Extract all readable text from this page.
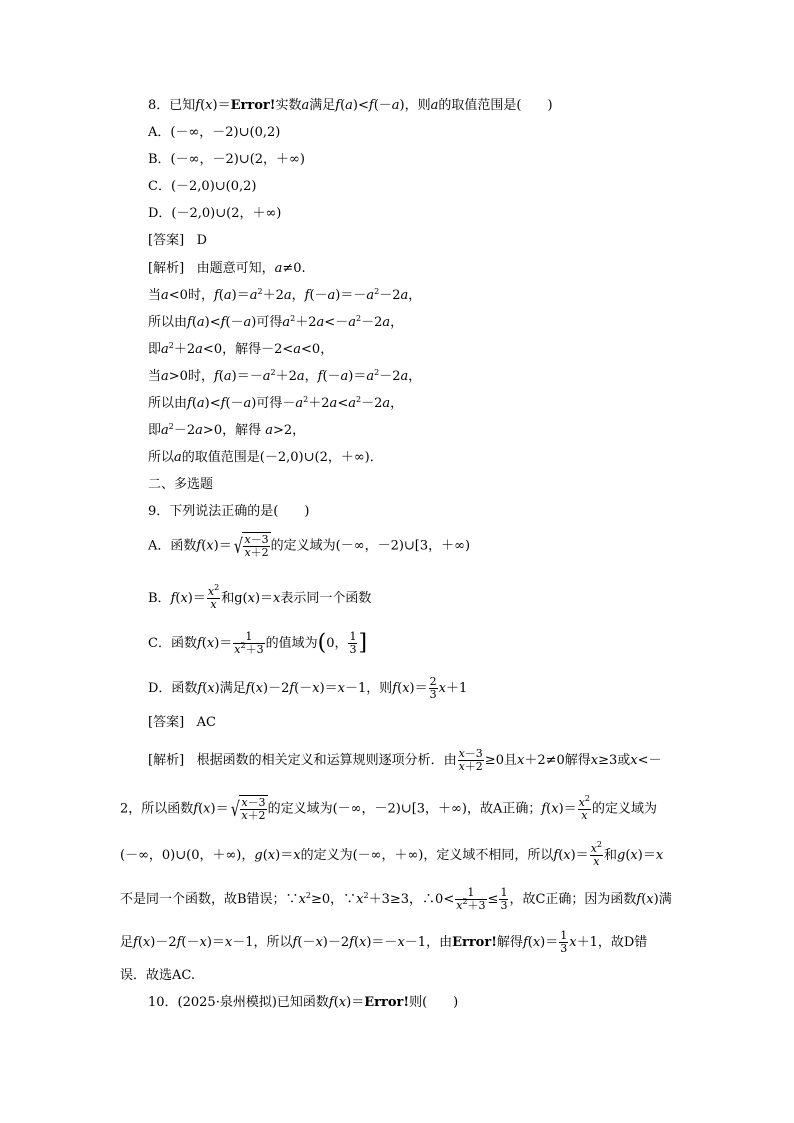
8．已知f(x)＝Error!实数a满足f(a)<f(－a)，则a的取值范围是(　　)
A．(－∞，－2)∪(0,2)
B．(－∞，－2)∪(2，＋∞)
C．(－2,0)∪(0,2)
D．(－2,0)∪(2，＋∞)
[答案] D
[解析] 由题意可知，a≠0.
当a<0时，$f(a)=a^2+2a$，$f(-a)=-a^2-2a$，
所以由f(a)<f(－a)可得$a^2+2a<-a^2-2a$，
即$a^2+2a<0$，解得－2<a<0，
当a>0时，$f(a)=-a^2+2a$，$f(-a)=a^2-2a$，
所以由f(a)<f(－a)可得$-a^2+2a<a^2-2a$，
即$a^2-2a>0$，解得 a>2，
所以a的取值范围是(－2,0)∪(2，＋∞)．
二、多选题
9．下列说法正确的是(　　)
A．函数f(x)＝ √ $\frac{x-3}{x+2}$ 的定义域为(－∞，－2)∪[3，＋∞)
B．$f(x)= \frac{x^2}{x}$ 和g(x)＝x表示同一个函数
C．函数$f(x)= \frac{1}{x^2+3}$ 的值域为(0， $\frac{1}{3}$ ]
D．函数f(x)满足f(x)－2f(－x)＝x－1，则$f(x)= \frac{2}{3} x+1$
[答案] AC
[解析] 根据函数的相关定义和运算规则逐项分析．由 $\frac{x-3}{x+2} \ge 0$且x＋2≠0解得x≥3或x<－
2，所以函数f(x)＝ √ $\frac{x-3}{x+2}$ 的定义域为(－∞，－2)∪[3，＋∞)，故A正确；$f(x)= \frac{x^2}{x}$ 的定义域为
(－∞，0)∪(0，＋∞)，g(x)＝x的定义为(－∞，＋∞)，定义域不相同，所以$f(x)= \frac{x^2}{x}$ 和g(x)＝x
不是同一个函数，故B错误；$\because x^2\ge 0$，$\because x^2+3\ge 3$，∴0< $\frac{1}{x^2+3} \le \frac{1}{3}$ ，故C正确；因为函数f(x)满
足f(x)－2f(－x)＝x－1，所以f(－x)－2f(x)＝－x－1，由Error!解得$f(x)= \frac{1}{3} x+1$，故D错
误．故选AC.
10．(2025·泉州模拟)已知函数f(x)＝Error!则(　　)
